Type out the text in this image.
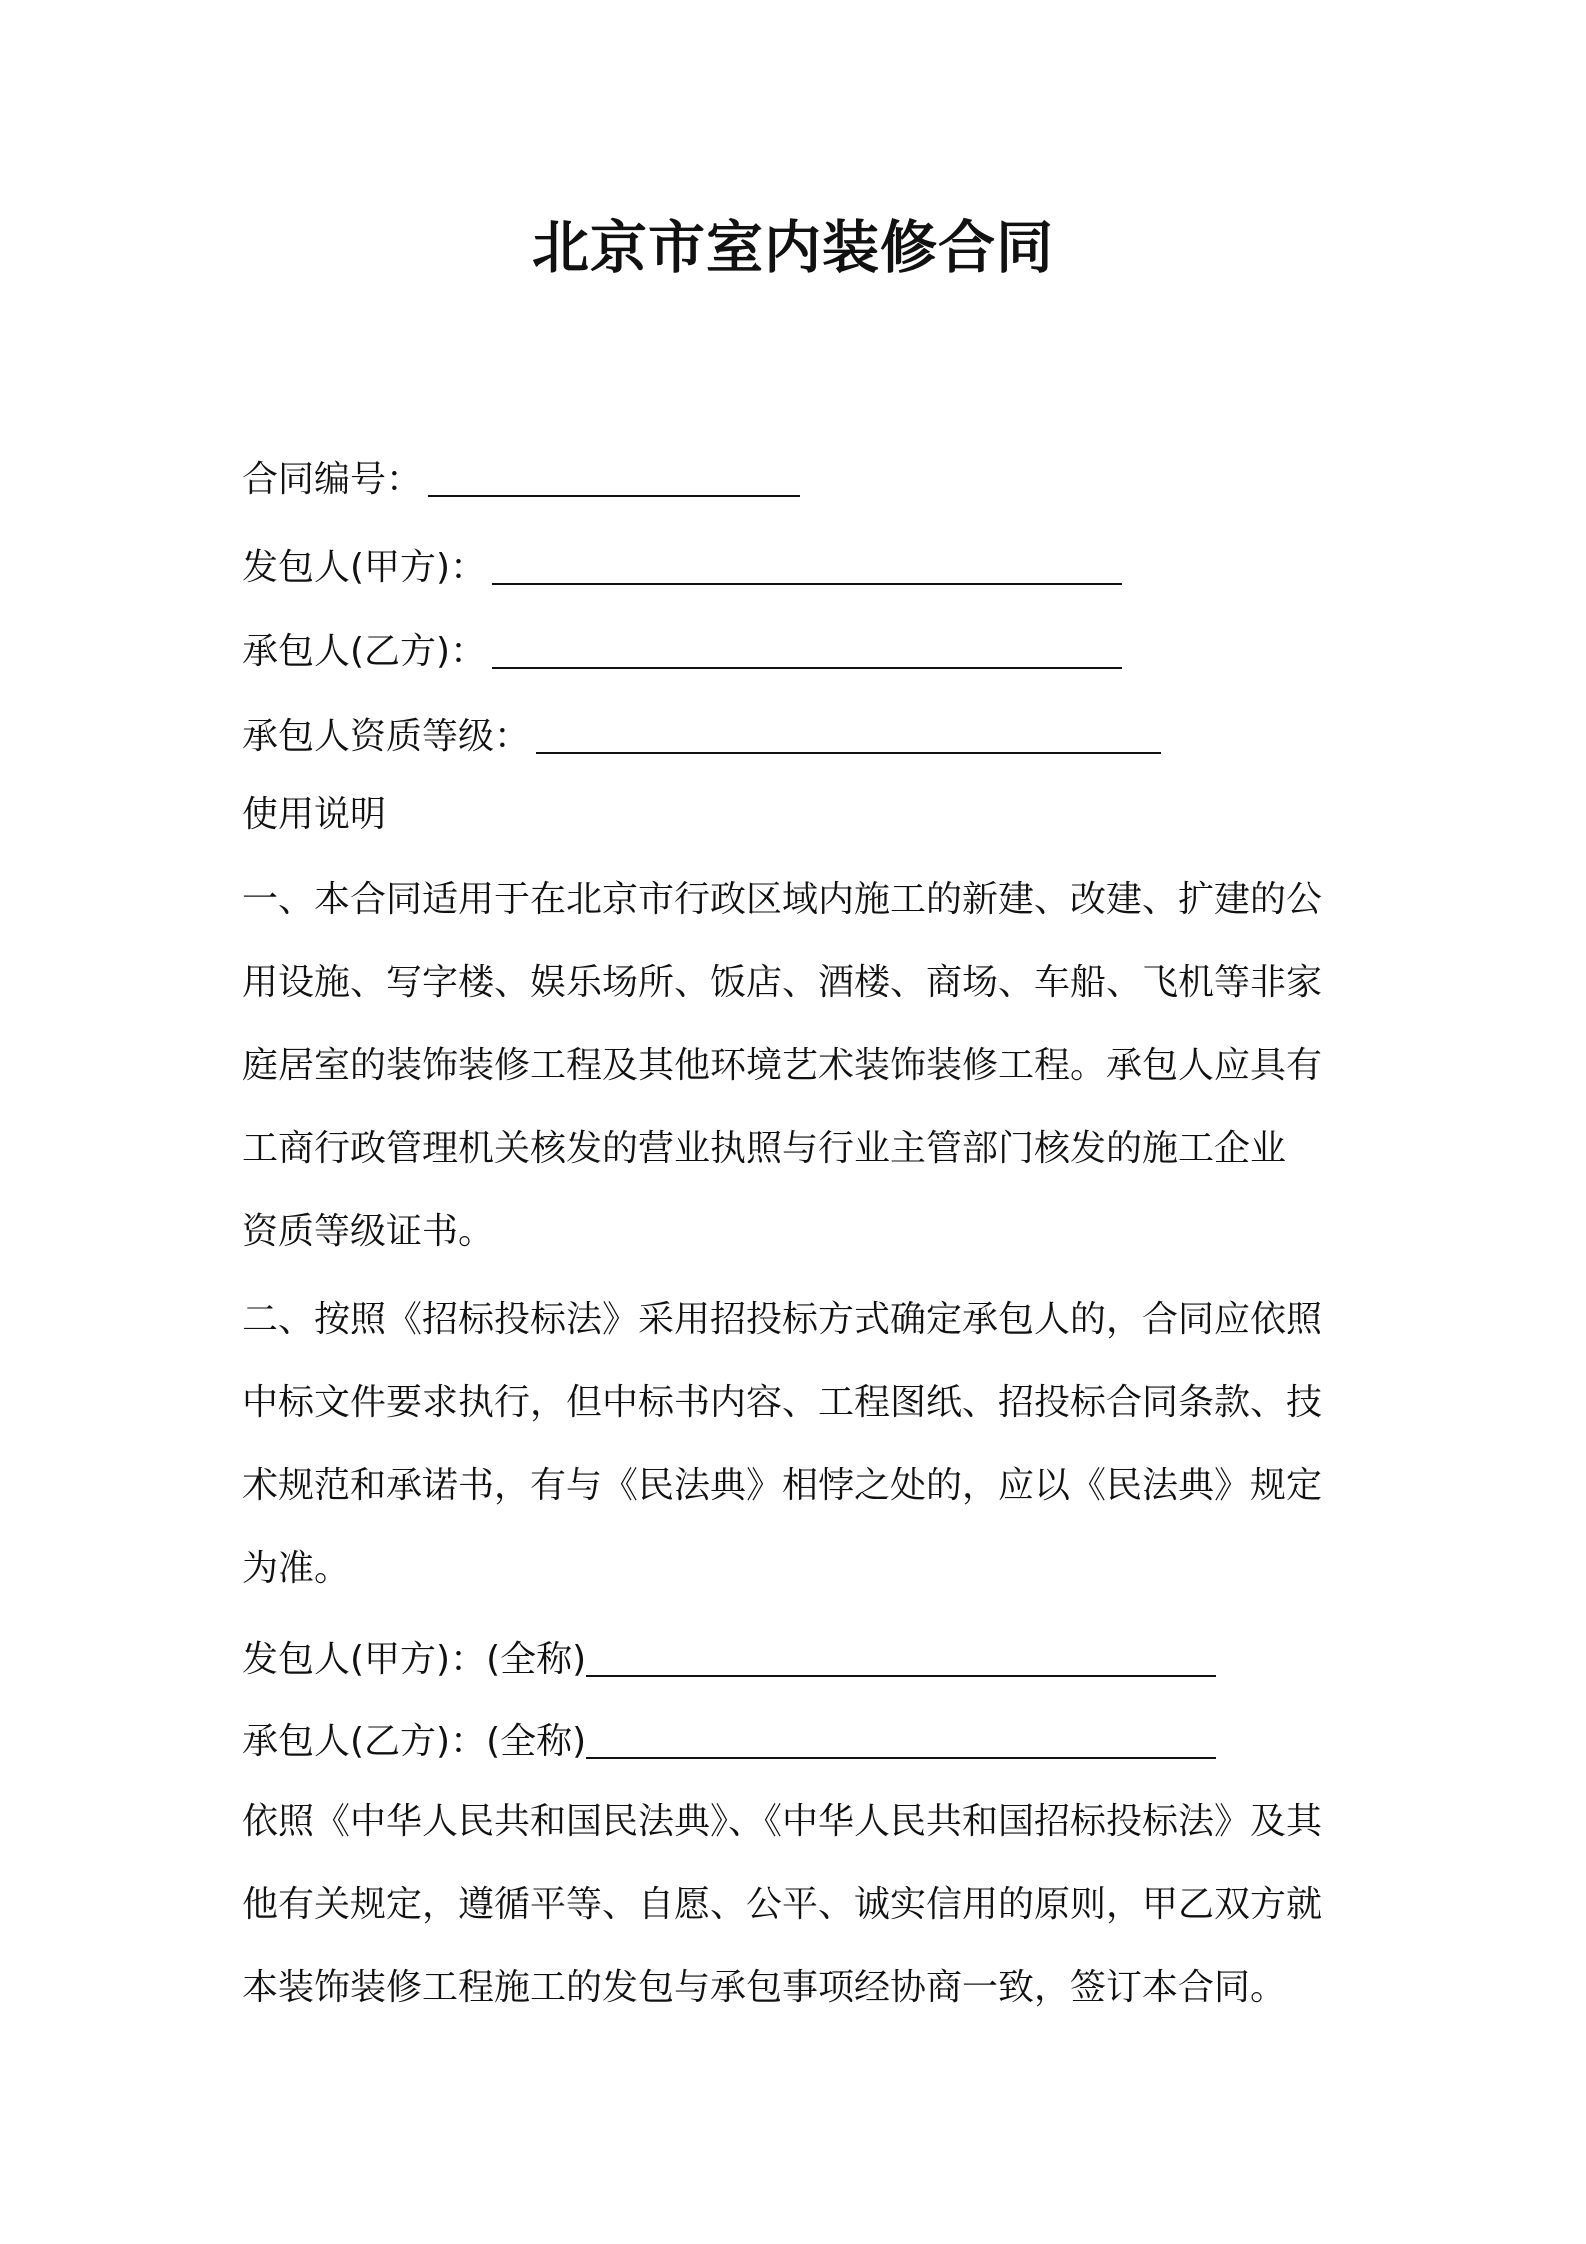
北京市室内装修合同
合同编号：
发包人(甲方)：
承包人(乙方)：
承包人资质等级：
使用说明
一、本合同适用于在北京市行政区域内施工的新建、改建、扩建的公
用设施、写字楼、娱乐场所、饭店、酒楼、商场、车船、飞机等非家
庭居室的装饰装修工程及其他环境艺术装饰装修工程。承包人应具有
工商行政管理机关核发的营业执照与行业主管部门核发的施工企业
资质等级证书。
二、按照《招标投标法》采用招投标方式确定承包人的，合同应依照
中标文件要求执行，但中标书内容、工程图纸、招投标合同条款、技
术规范和承诺书，有与《民法典》相悖之处的，应以《民法典》规定
为准。
发包人(甲方)：(全称)
承包人(乙方)：(全称)
依照《中华人民共和国民法典》、《中华人民共和国招标投标法》及其
他有关规定，遵循平等、自愿、公平、诚实信用的原则，甲乙双方就
本装饰装修工程施工的发包与承包事项经协商一致，签订本合同。
